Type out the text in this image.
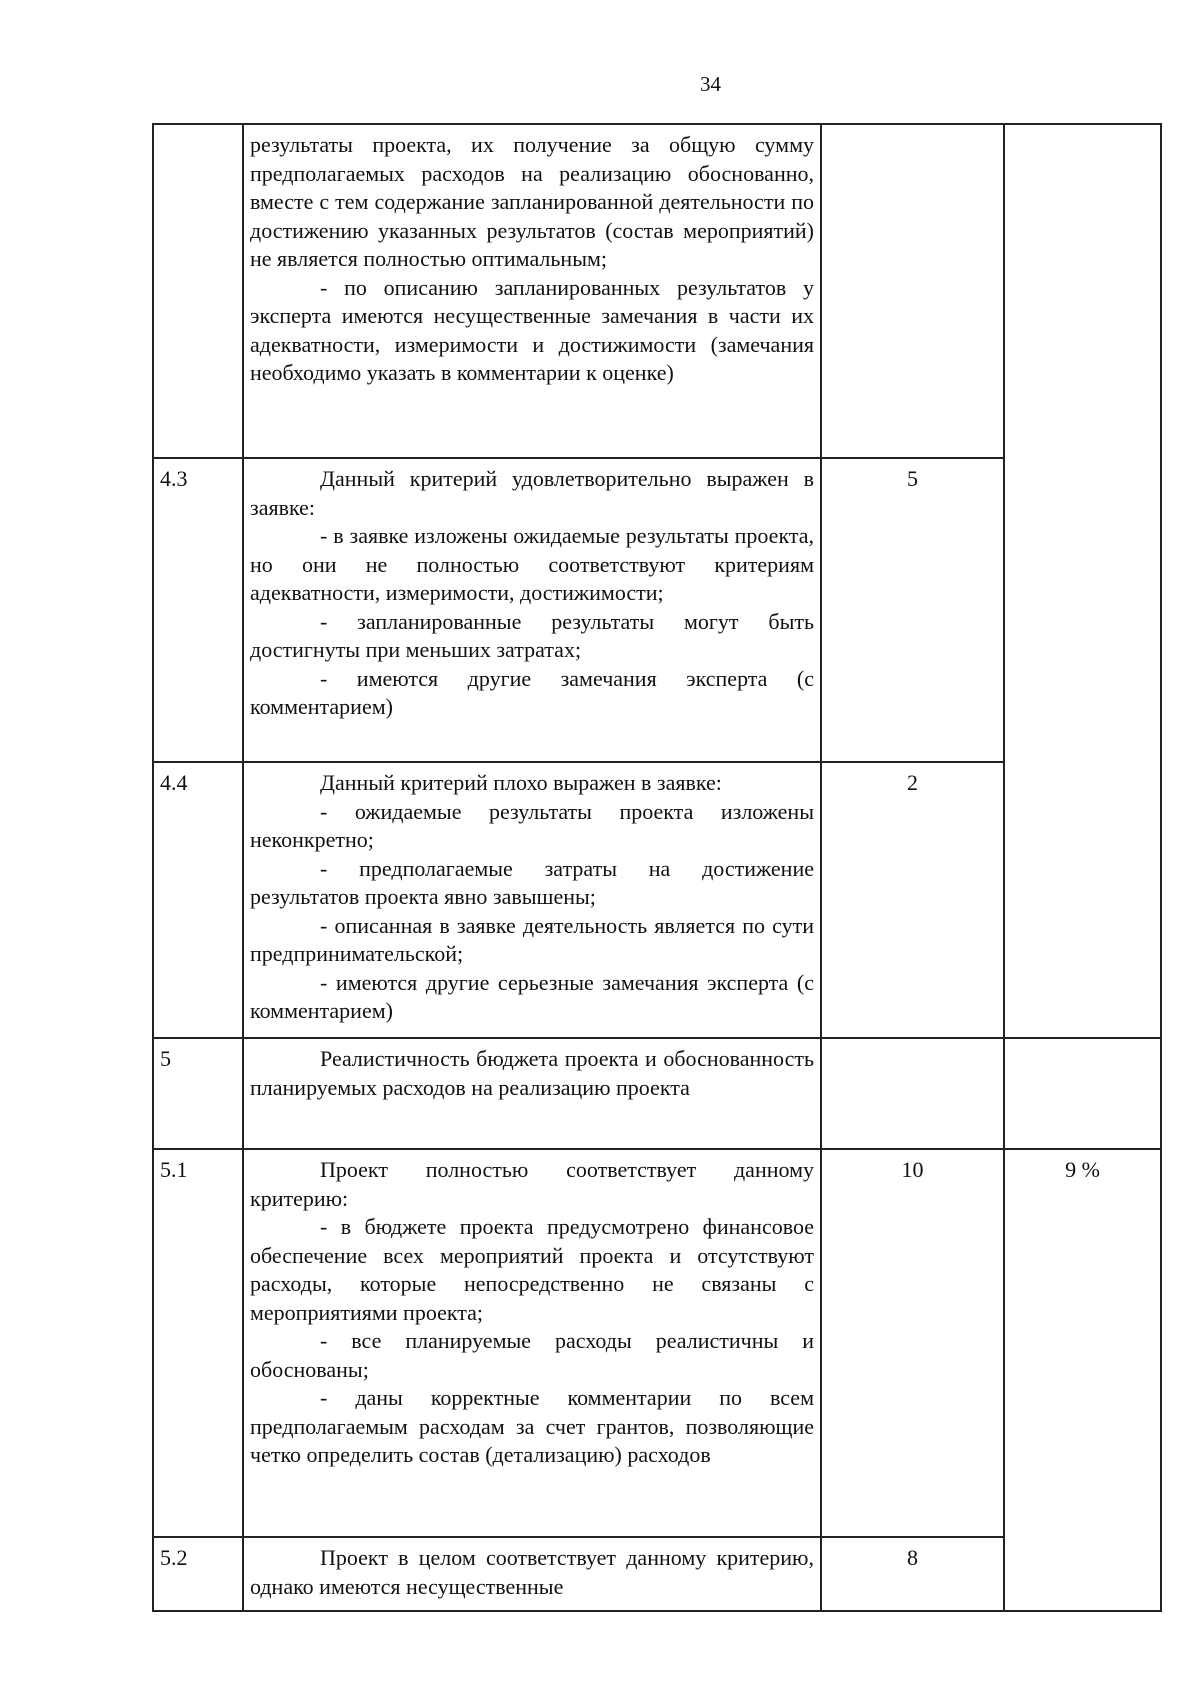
34

	результаты проекта, их получение за общую сумму предполагаемых расходов на реализацию обоснованно, вместе с тем содержание запланированной деятельности по достижению указанных результатов (состав мероприятий) не является полностью оптимальным;

- по описанию запланированных результатов у эксперта имеются несущественные замечания в части их адекватности, измеримости и достижимости (замечания необходимо указать в комментарии к оценке)		

4.3	Данный критерий удовлетворительно выражен в заявке:

- в заявке изложены ожидаемые результаты проекта, но они не полностью соответствуют критериям адекватности, измеримости, достижимости;

- запланированные результаты могут быть достигнуты при меньших затратах;

- имеются другие замечания эксперта (с комментарием)	5	
4.4	Данный критерий плохо выражен в заявке:

- ожидаемые результаты проекта изложены неконкретно;

- предполагаемые затраты на достижение результатов проекта явно завышены;

- описанная в заявке деятельность является по сути предпринимательской;

- имеются другие серьезные замечания эксперта (с комментарием)	2	
5	Реалистичность бюджета проекта и обоснованность планируемых расходов на реализацию проекта		

5.1	Проект полностью соответствует данному критерию:

- в бюджете проекта предусмотрено финансовое обеспечение всех мероприятий проекта и отсутствуют расходы, которые непосредственно не связаны с мероприятиями проекта;

- все планируемые расходы реалистичны и обоснованы;

- даны корректные комментарии по всем предполагаемым расходам за счет грантов, позволяющие четко определить состав (детализацию) расходов	10	9 %
5.2	Проект в целом соответствует данному критерию, однако имеются несущественные	8	
